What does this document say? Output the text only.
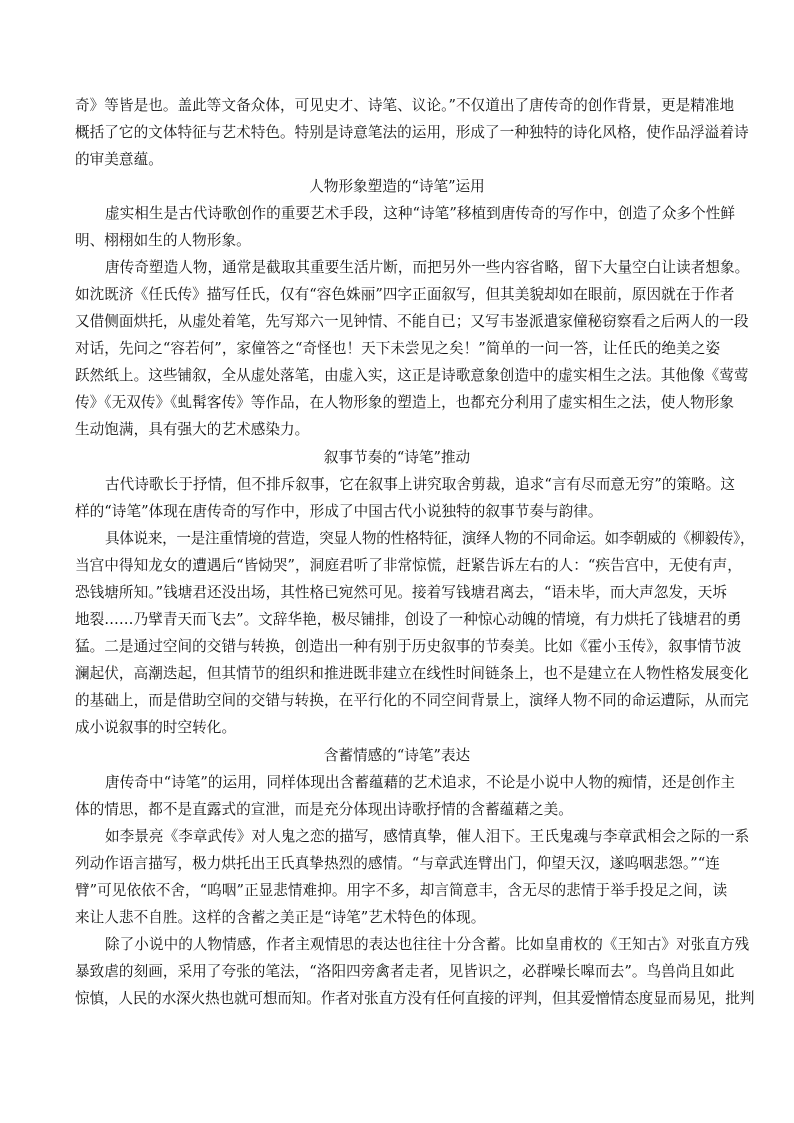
奇》等皆是也。盖此等文备众体，可见史才、诗笔、议论。”不仅道出了唐传奇的创作背景，更是精准地
概括了它的文体特征与艺术特色。特别是诗意笔法的运用，形成了一种独特的诗化风格，使作品浮溢着诗
的审美意蕴。
人物形象塑造的“诗笔”运用
虚实相生是古代诗歌创作的重要艺术手段，这种“诗笔”移植到唐传奇的写作中，创造了众多个性鲜
明、栩栩如生的人物形象。
唐传奇塑造人物，通常是截取其重要生活片断，而把另外一些内容省略，留下大量空白让读者想象。
如沈既济《任氏传》描写任氏，仅有“容色姝丽”四字正面叙写，但其美貌却如在眼前，原因就在于作者
又借侧面烘托，从虚处着笔，先写郑六一见钟情、不能自已；又写韦崟派遣家僮秘窃察看之后两人的一段
对话，先问之“容若何”，家僮答之“奇怪也！天下未尝见之矣！”简单的一问一答，让任氏的绝美之姿
跃然纸上。这些铺叙，全从虚处落笔，由虚入实，这正是诗歌意象创造中的虚实相生之法。其他像《莺莺
传》《无双传》《虬髯客传》等作品，在人物形象的塑造上，也都充分利用了虚实相生之法，使人物形象
生动饱满，具有强大的艺术感染力。
叙事节奏的“诗笔”推动
古代诗歌长于抒情，但不排斥叙事，它在叙事上讲究取舍剪裁，追求“言有尽而意无穷”的策略。这
样的“诗笔”体现在唐传奇的写作中，形成了中国古代小说独特的叙事节奏与韵律。
具体说来，一是注重情境的营造，突显人物的性格特征，演绎人物的不同命运。如李朝威的《柳毅传》，
当宫中得知龙女的遭遇后“皆恸哭”，洞庭君听了非常惊慌，赶紧告诉左右的人：“疾告宫中，无使有声，
恐钱塘所知。”钱塘君还没出场，其性格已宛然可见。接着写钱塘君离去，“语未毕，而大声忽发，天坼
地裂……乃擘青天而飞去”。文辞华艳，极尽铺排，创设了一种惊心动魄的情境，有力烘托了钱塘君的勇
猛。二是通过空间的交错与转换，创造出一种有别于历史叙事的节奏美。比如《霍小玉传》，叙事情节波
澜起伏，高潮迭起，但其情节的组织和推进既非建立在线性时间链条上，也不是建立在人物性格发展变化
的基础上，而是借助空间的交错与转换，在平行化的不同空间背景上，演绎人物不同的命运遭际，从而完
成小说叙事的时空转化。
含蓄情感的“诗笔”表达
唐传奇中“诗笔”的运用，同样体现出含蓄蕴藉的艺术追求，不论是小说中人物的痴情，还是创作主
体的情思，都不是直露式的宣泄，而是充分体现出诗歌抒情的含蓄蕴藉之美。
如李景亮《李章武传》对人鬼之恋的描写，感情真挚，催人泪下。王氏鬼魂与李章武相会之际的一系
列动作语言描写，极力烘托出王氏真挚热烈的感情。“与章武连臂出门，仰望天汉，遂呜咽悲怨。”“连
臂”可见依依不舍，“呜咽”正显悲情难抑。用字不多，却言简意丰，含无尽的悲情于举手投足之间，读
来让人悲不自胜。这样的含蓄之美正是“诗笔”艺术特色的体现。
除了小说中的人物情感，作者主观情思的表达也往往十分含蓄。比如皇甫枚的《王知古》对张直方残
暴致虐的刻画，采用了夸张的笔法，“洛阳四旁禽者走者，见皆识之，必群噪长嗥而去”。鸟兽尚且如此
惊慎，人民的水深火热也就可想而知。作者对张直方没有任何直接的评判，但其爱憎情态度显而易见，批判
